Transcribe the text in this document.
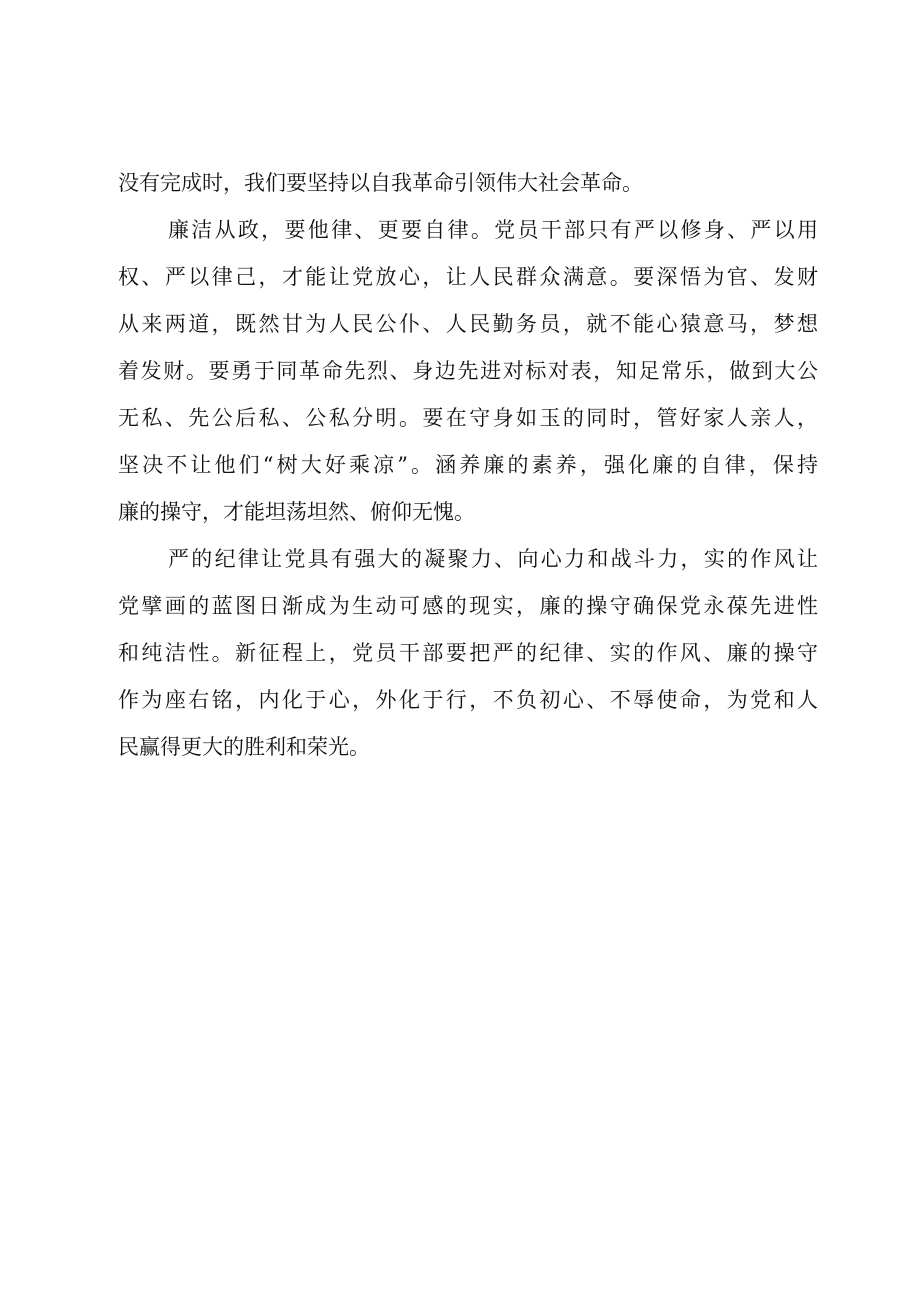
没有完成时，我们要坚持以自我革命引领伟大社会革命。
廉洁从政，要他律、更要自律。党员干部只有严以修身、严以用
权、严以律己，才能让党放心，让人民群众满意。要深悟为官、发财
从来两道，既然甘为人民公仆、人民勤务员，就不能心猿意马，梦想
着发财。要勇于同革命先烈、身边先进对标对表，知足常乐，做到大公
无私、先公后私、公私分明。要在守身如玉的同时，管好家人亲人，
坚决不让他们“树大好乘凉”。涵养廉的素养，强化廉的自律，保持
廉的操守，才能坦荡坦然、俯仰无愧。
严的纪律让党具有强大的凝聚力、向心力和战斗力，实的作风让
党擘画的蓝图日渐成为生动可感的现实，廉的操守确保党永葆先进性
和纯洁性。新征程上，党员干部要把严的纪律、实的作风、廉的操守
作为座右铭，内化于心，外化于行，不负初心、不辱使命，为党和人
民赢得更大的胜利和荣光。
